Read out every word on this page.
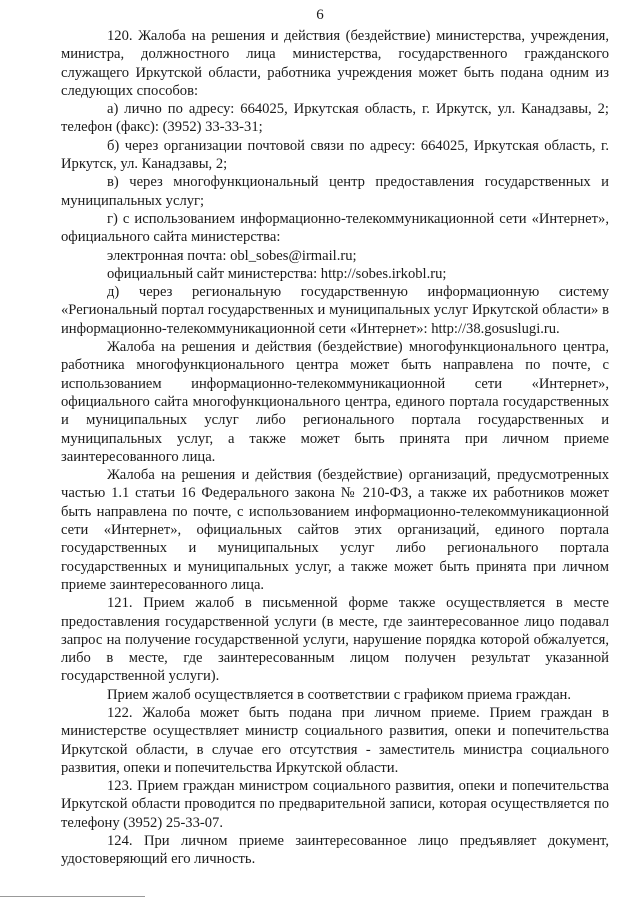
6

120. Жалоба на решения и действия (бездействие) министерства, учреждения, министра, должностного лица министерства, государственного гражданского служащего Иркутской области, работника учреждения может быть подана одним из следующих способов:

а) лично по адресу: 664025, Иркутская область, г. Иркутск, ул. Канадзавы, 2; телефон (факс): (3952) 33-33-31;

б) через организации почтовой связи по адресу: 664025, Иркутская область, г. Иркутск, ул. Канадзавы, 2;

в) через многофункциональный центр предоставления государственных и муниципальных услуг;

г) с использованием информационно-телекоммуникационной сети «Интернет», официального сайта министерства:

электронная почта: obl_sobes@irmail.ru;

официальный сайт министерства: http://sobes.irkobl.ru;

д) через региональную государственную информационную систему «Региональный портал государственных и муниципальных услуг Иркутской области» в информационно-телекоммуникационной сети «Интернет»: http://38.gosuslugi.ru.

Жалоба на решения и действия (бездействие) многофункционального центра, работника многофункционального центра может быть направлена по почте, с использованием информационно-телекоммуникационной сети «Интернет», официального сайта многофункционального центра, единого портала государственных и муниципальных услуг либо регионального портала государственных и муниципальных услуг, а также может быть принята при личном приеме заинтересованного лица.

Жалоба на решения и действия (бездействие) организаций, предусмотренных частью 1.1 статьи 16 Федерального закона № 210-ФЗ, а также их работников может быть направлена по почте, с использованием информационно-телекоммуникационной сети «Интернет», официальных сайтов этих организаций, единого портала государственных и муниципальных услуг либо регионального портала государственных и муниципальных услуг, а также может быть принята при личном приеме заинтересованного лица.

121. Прием жалоб в письменной форме также осуществляется в месте предоставления государственной услуги (в месте, где заинтересованное лицо подавал запрос на получение государственной услуги, нарушение порядка которой обжалуется, либо в месте, где заинтересованным лицом получен результат указанной государственной услуги).

Прием жалоб осуществляется в соответствии с графиком приема граждан.

122. Жалоба может быть подана при личном приеме. Прием граждан в министерстве осуществляет министр социального развития, опеки и попечительства Иркутской области, в случае его отсутствия - заместитель министра социального развития, опеки и попечительства Иркутской области.

123. Прием граждан министром социального развития, опеки и попечительства Иркутской области проводится по предварительной записи, которая осуществляется по телефону (3952) 25-33-07.

124. При личном приеме заинтересованное лицо предъявляет документ, удостоверяющий его личность.
